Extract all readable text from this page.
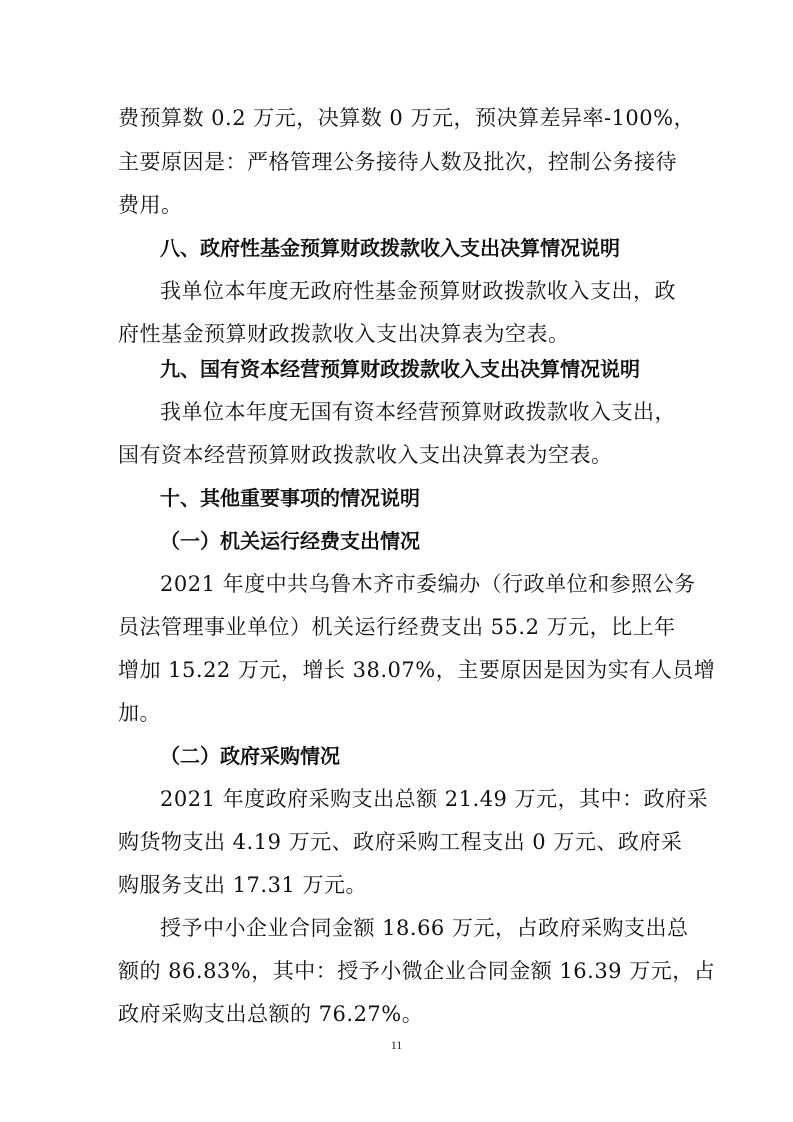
费预算数 0.2 万元，决算数 0 万元，预决算差异率-100%，
主要原因是：严格管理公务接待人数及批次，控制公务接待
费用。
八、政府性基金预算财政拨款收入支出决算情况说明
我单位本年度无政府性基金预算财政拨款收入支出，政
府性基金预算财政拨款收入支出决算表为空表。
九、国有资本经营预算财政拨款收入支出决算情况说明
我单位本年度无国有资本经营预算财政拨款收入支出，
国有资本经营预算财政拨款收入支出决算表为空表。
十、其他重要事项的情况说明
（一）机关运行经费支出情况
2021 年度中共乌鲁木齐市委编办（行政单位和参照公务
员法管理事业单位）机关运行经费支出 55.2 万元，比上年
增加 15.22 万元，增长 38.07%，主要原因是因为实有人员增
加。
（二）政府采购情况
2021 年度政府采购支出总额 21.49 万元，其中：政府采
购货物支出 4.19 万元、政府采购工程支出 0 万元、政府采
购服务支出 17.31 万元。
授予中小企业合同金额 18.66 万元，占政府采购支出总
额的 86.83%，其中：授予小微企业合同金额 16.39 万元，占
政府采购支出总额的 76.27%。
11
